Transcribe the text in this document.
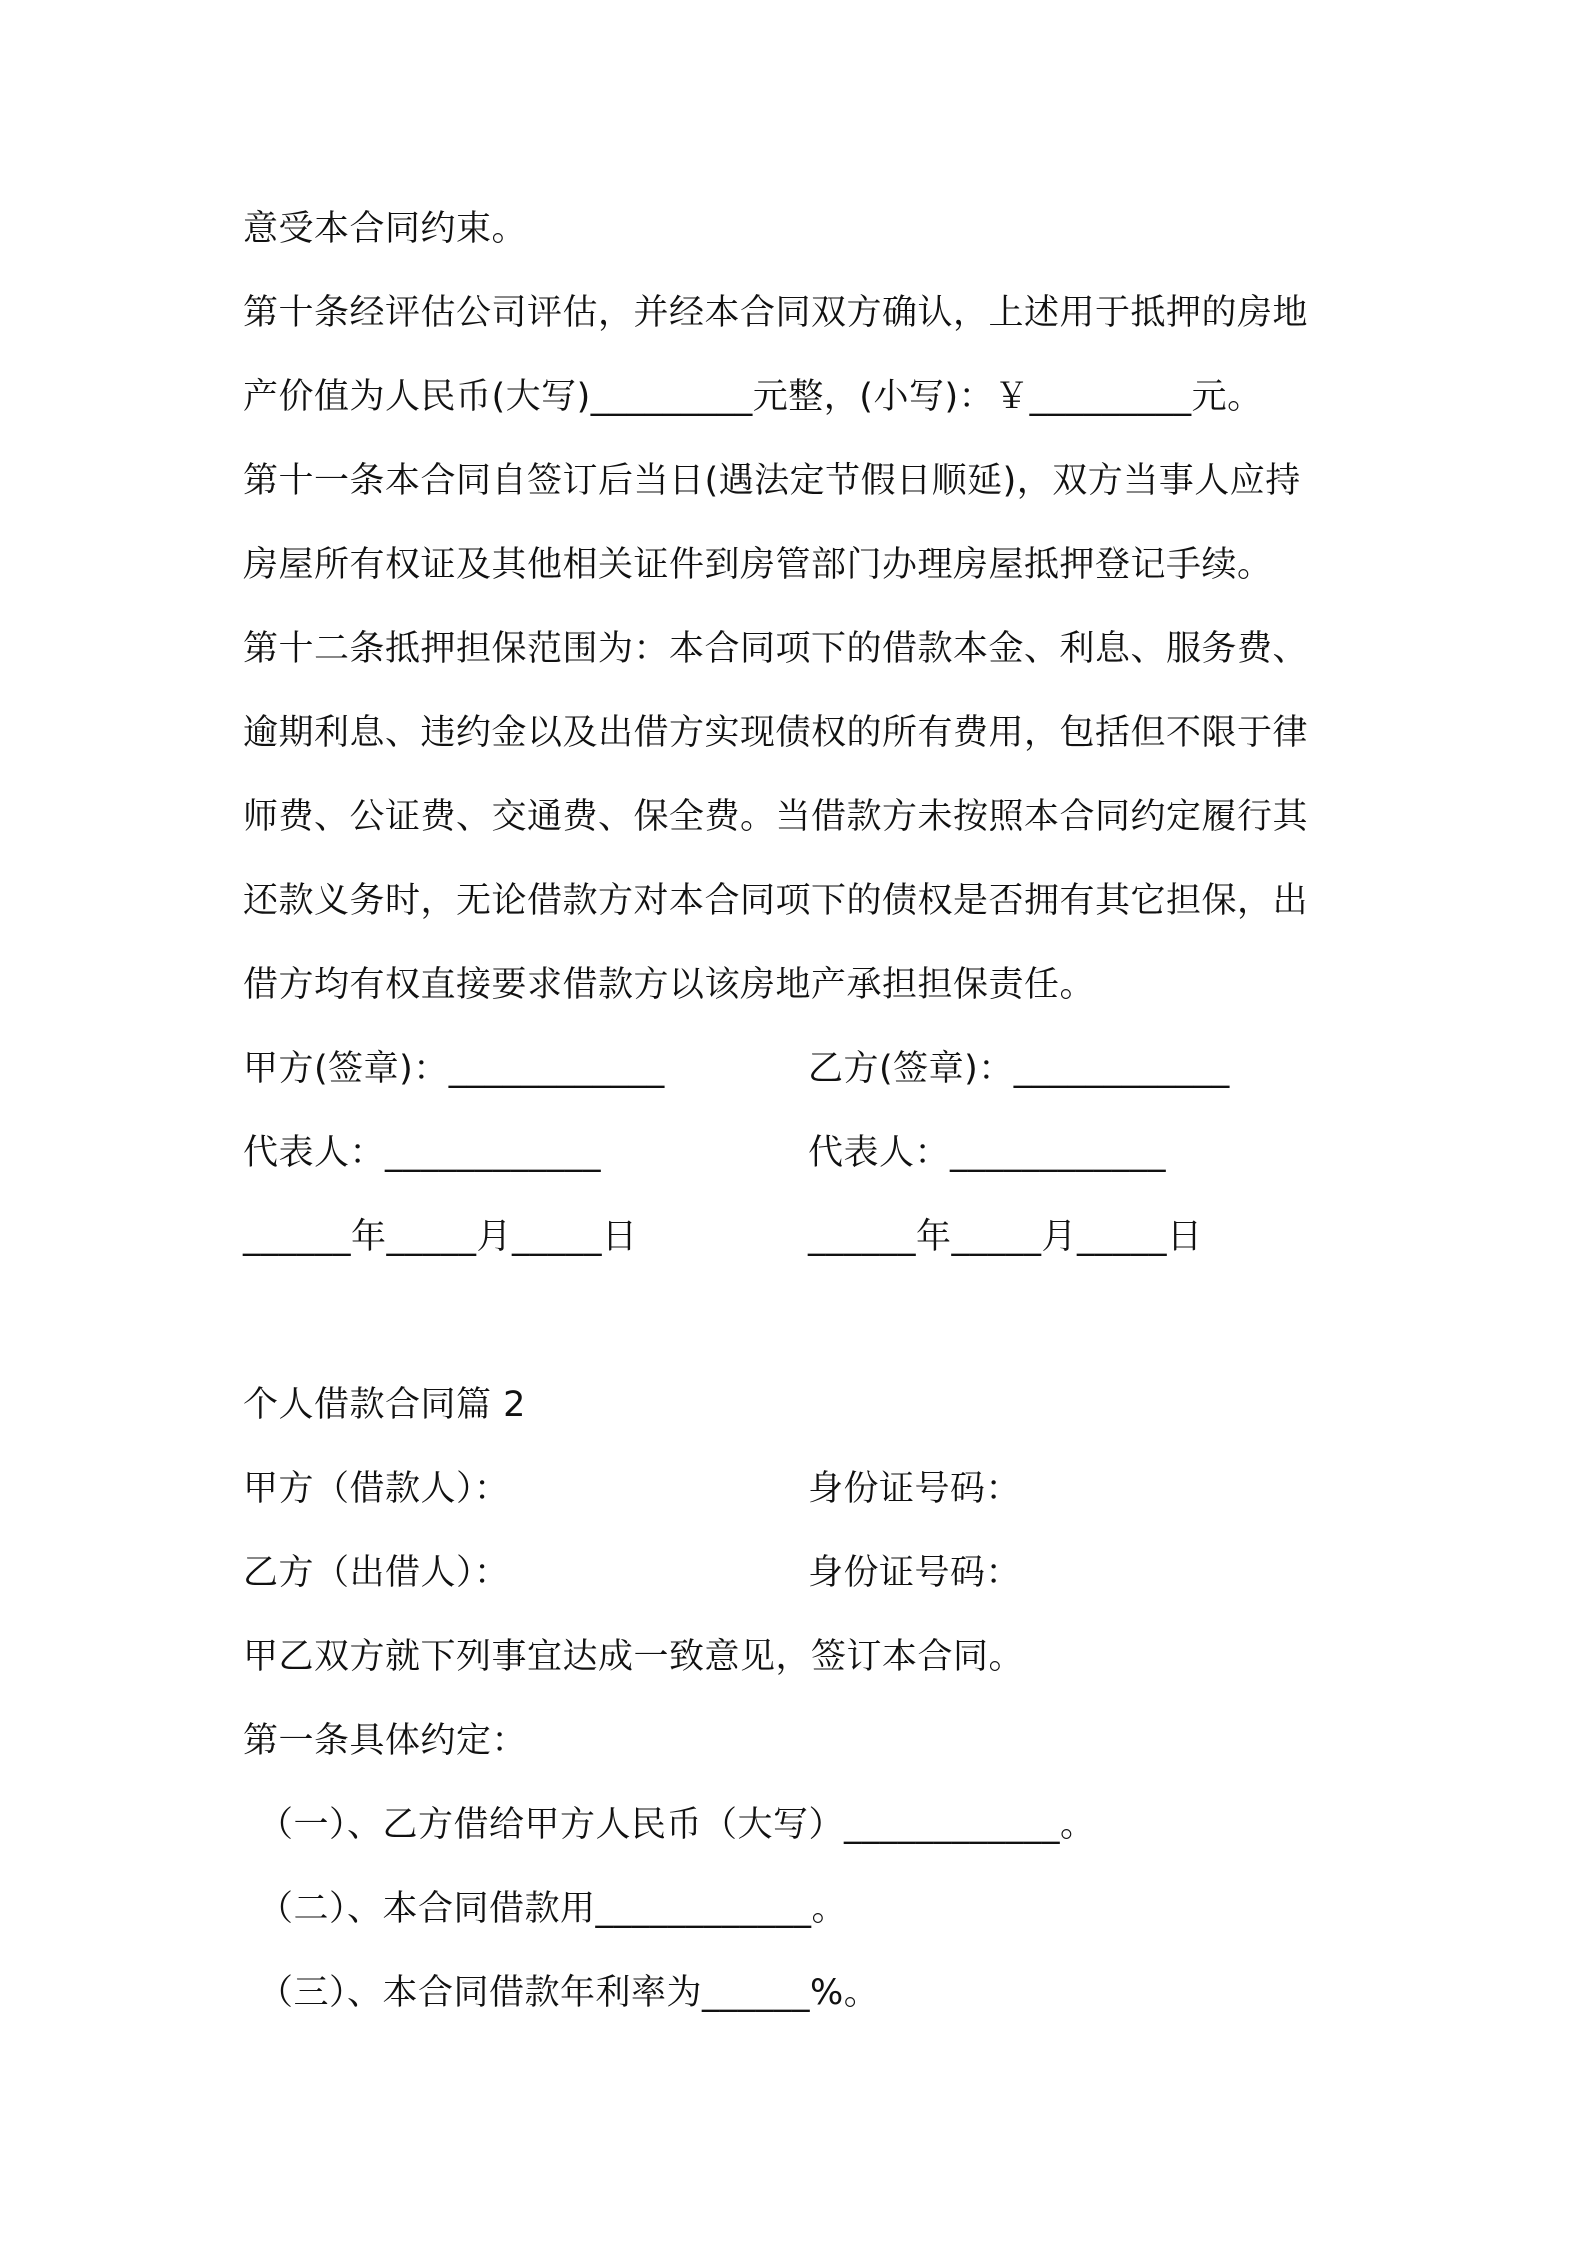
意受本合同约束。
第十条经评估公司评估，并经本合同双方确认，上述用于抵押的房地
产价值为人民币(大写)_________元整，(小写)：￥_________元。
第十一条本合同自签订后当日(遇法定节假日顺延)，双方当事人应持
房屋所有权证及其他相关证件到房管部门办理房屋抵押登记手续。
第十二条抵押担保范围为：本合同项下的借款本金、利息、服务费、
逾期利息、违约金以及出借方实现债权的所有费用，包括但不限于律
师费、公证费、交通费、保全费。当借款方未按照本合同约定履行其
还款义务时，无论借款方对本合同项下的债权是否拥有其它担保，出
借方均有权直接要求借款方以该房地产承担担保责任。
甲方(签章)：____________	乙方(签章)：____________
代表人：____________	代表人：____________
______年_____月_____日	______年_____月_____日
个人借款合同篇 2
甲方（借款人）：	身份证号码：
乙方（出借人）：	身份证号码：
甲乙双方就下列事宜达成一致意见，签订本合同。
第一条具体约定：
（一）、乙方借给甲方人民币（大写）____________。
（二）、本合同借款用____________。
（三）、本合同借款年利率为______%。
